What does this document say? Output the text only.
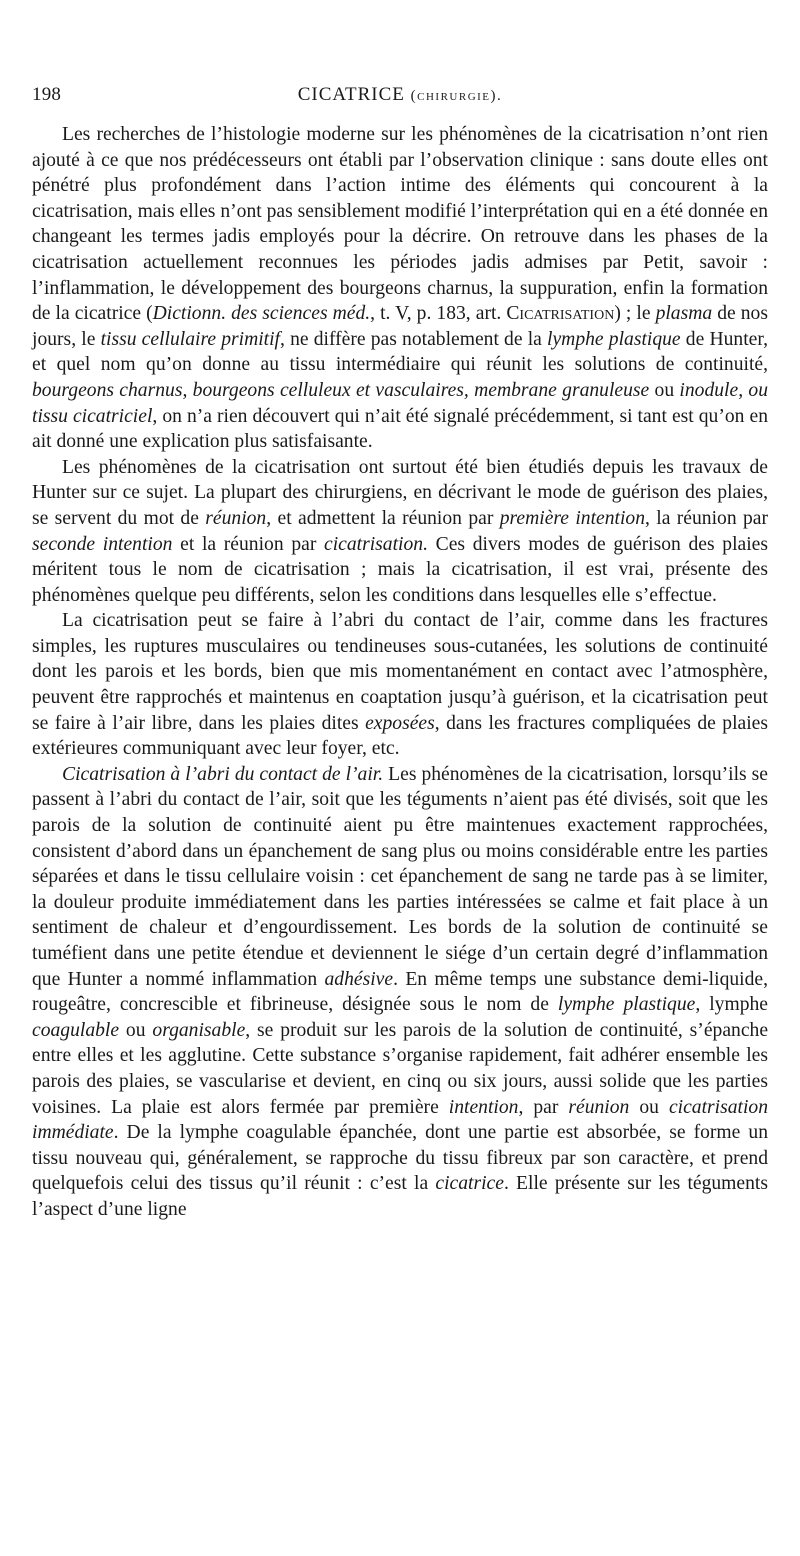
198	CICATRICE (chirurgie).

Les recherches de l’histologie moderne sur les phénomènes de la cicatrisation n’ont rien ajouté à ce que nos prédécesseurs ont établi par l’observation clinique : sans doute elles ont pénétré plus profondément dans l’action intime des éléments qui concourent à la cicatrisation, mais elles n’ont pas sensiblement modifié l’interprétation qui en a été donnée en changeant les termes jadis employés pour la décrire. On retrouve dans les phases de la cicatrisation actuellement reconnues les périodes jadis admises par Petit, savoir : l’inflammation, le développement des bourgeons charnus, la suppuration, enfin la formation de la cicatrice (Dictionn. des sciences méd., t. V, p. 183, art. Cicatrisation) ; le plasma de nos jours, le tissu cellulaire primitif, ne diffère pas notablement de la lymphe plastique de Hunter, et quel nom qu’on donne au tissu intermédiaire qui réunit les solutions de continuité, bourgeons charnus, bourgeons celluleux et vasculaires, membrane granuleuse ou inodule, ou tissu cicatriciel, on n’a rien découvert qui n’ait été signalé précédemment, si tant est qu’on en ait donné une explication plus satisfaisante.

Les phénomènes de la cicatrisation ont surtout été bien étudiés depuis les travaux de Hunter sur ce sujet. La plupart des chirurgiens, en décrivant le mode de guérison des plaies, se servent du mot de réunion, et admettent la réunion par première intention, la réunion par seconde intention et la réunion par cicatrisation. Ces divers modes de guérison des plaies méritent tous le nom de cicatrisation ; mais la cicatrisation, il est vrai, présente des phénomènes quelque peu différents, selon les conditions dans lesquelles elle s’effectue.

La cicatrisation peut se faire à l’abri du contact de l’air, comme dans les fractures simples, les ruptures musculaires ou tendineuses sous-cutanées, les solutions de continuité dont les parois et les bords, bien que mis momentanément en contact avec l’atmosphère, peuvent être rapprochés et maintenus en coaptation jusqu’à guérison, et la cicatrisation peut se faire à l’air libre, dans les plaies dites exposées, dans les fractures compliquées de plaies extérieures communiquant avec leur foyer, etc.

Cicatrisation à l’abri du contact de l’air. Les phénomènes de la cicatrisation, lorsqu’ils se passent à l’abri du contact de l’air, soit que les téguments n’aient pas été divisés, soit que les parois de la solution de continuité aient pu être maintenues exactement rapprochées, consistent d’abord dans un épanchement de sang plus ou moins considérable entre les parties séparées et dans le tissu cellulaire voisin : cet épanchement de sang ne tarde pas à se limiter, la douleur produite immédiatement dans les parties intéressées se calme et fait place à un sentiment de chaleur et d’engourdissement. Les bords de la solution de continuité se tuméfient dans une petite étendue et deviennent le siége d’un certain degré d’inflammation que Hunter a nommé inflammation adhésive. En même temps une substance demi-liquide, rougeâtre, concrescible et fibrineuse, désignée sous le nom de lymphe plastique, lymphe coagulable ou organisable, se produit sur les parois de la solution de continuité, s’épanche entre elles et les agglutine. Cette substance s’organise rapidement, fait adhérer ensemble les parois des plaies, se vascularise et devient, en cinq ou six jours, aussi solide que les parties voisines. La plaie est alors fermée par première intention, par réunion ou cicatrisation immédiate. De la lymphe coagulable épanchée, dont une partie est absorbée, se forme un tissu nouveau qui, généralement, se rapproche du tissu fibreux par son caractère, et prend quelquefois celui des tissus qu’il réunit : c’est la cicatrice. Elle présente sur les téguments l’aspect d’une ligne
